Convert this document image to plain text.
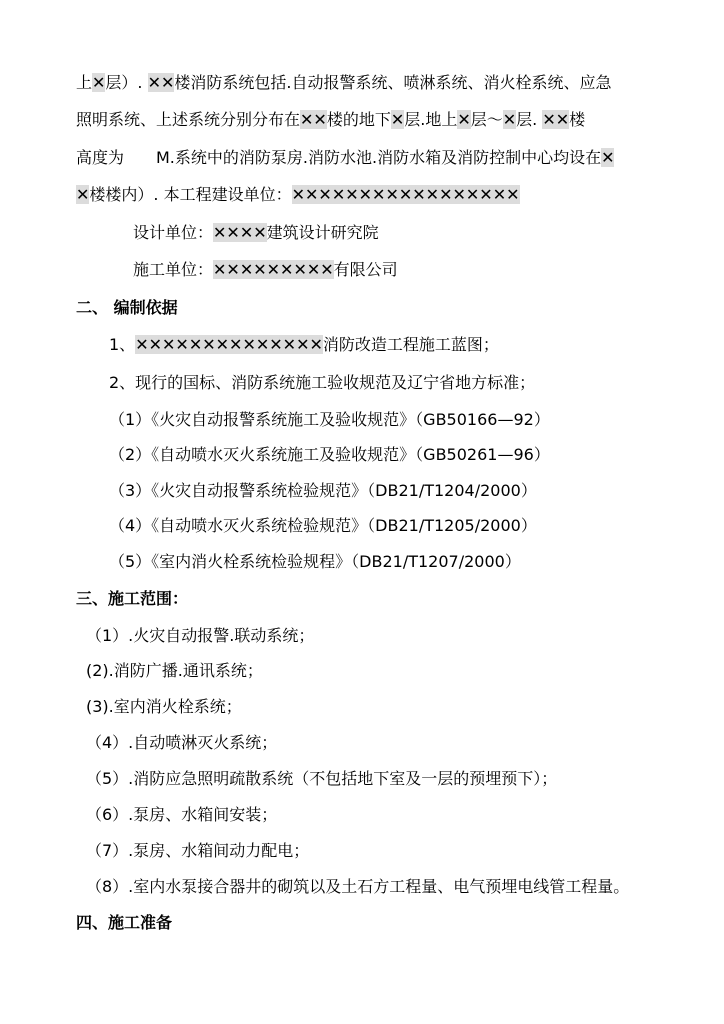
上✕层）. ✕✕楼消防系统包括.自动报警系统、喷淋系统、消火栓系统、应急
照明系统、上述系统分别分布在✕✕楼的地下✕层.地上✕层～✕层. ✕✕楼
高度为　　M.系统中的消防泵房.消防水池.消防水箱及消防控制中心均设在✕
✕楼楼内）. 本工程建设单位：✕✕✕✕✕✕✕✕✕✕✕✕✕✕✕✕✕
设计单位：✕✕✕✕建筑设计研究院
施工单位：✕✕✕✕✕✕✕✕✕有限公司
二、 编制依据
1、✕✕✕✕✕✕✕✕✕✕✕✕✕✕消防改造工程施工蓝图；
2、现行的国标、消防系统施工验收规范及辽宁省地方标准；
（1）《火灾自动报警系统施工及验收规范》（GB50166—92）
（2）《自动喷水灭火系统施工及验收规范》（GB50261—96）
（3）《火灾自动报警系统检验规范》（DB21/T1204/2000）
（4）《自动喷水灭火系统检验规范》（DB21/T1205/2000）
（5）《室内消火栓系统检验规程》（DB21/T1207/2000）
三、施工范围：
（1）.火灾自动报警.联动系统；
(2).消防广播.通讯系统；
(3).室内消火栓系统；
（4）.自动喷淋灭火系统；
（5）.消防应急照明疏散系统（不包括地下室及一层的预埋预下）；
（6）.泵房、水箱间安装；
（7）.泵房、水箱间动力配电；
（8）.室内水泵接合器井的砌筑以及土石方工程量、电气预埋电线管工程量。
四、施工准备
